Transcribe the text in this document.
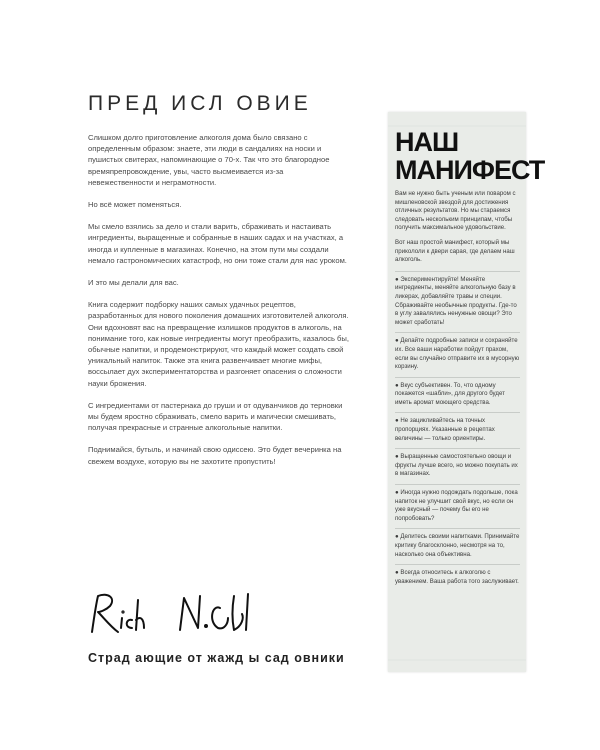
ПРЕД ИСЛ ОВИЕ

Слишком долго приготовление алкоголя дома было связано с определенным образом: знаете, эти люди в сандалиях на носки и пушистых свитерах, напоминающие о 70-х. Так что это благородное времяпрепровождение, увы, часто высмеивается из-за невежественности и неграмотности.

Но всё может поменяться.

Мы смело взялись за дело и стали варить, сбраживать и настаивать ингредиенты, выращенные и собранные в наших садах и на участках, а иногда и купленные в магазинах. Конечно, на этом пути мы создали немало гастрономических катастроф, но они тоже стали для нас уроком.

И это мы делали для вас.

Книга содержит подборку наших самых удачных рецептов, разработанных для нового поколения домашних изготовителей алкоголя. Они вдохновят вас на превращение излишков продуктов в алкоголь, на понимание того, как новые ингредиенты могут преобразить, казалось бы, обычные напитки, и продемонстрируют, что каждый может создать свой уникальный напиток. Также эта книга развенчивает многие мифы, воссылает дух экспериментаторства и разгоняет опасения о сложности науки брожения.

С ингредиентами от пастернака до груши и от одуванчиков до терновки мы будем яростно сбраживать, смело варить и магически смешивать, получая прекрасные и странные алкогольные напитки.

Поднимайся, бутыль, и начинай свою одиссею. Это будет вечеринка на свежем воздухе, которую вы не захотите пропустить!

Страд ающие от жажд ы сад овники
НАШ
МАНИФЕСТ
Вам не нужно быть ученым или поваром с мишленовской звездой для достижения отличных результатов. Но мы стараемся следовать нескольким принципам, чтобы получить максимальное удовольствие.
Вот наш простой манифест, который мы прикололи к двери сарая, где делаем наш алкоголь.
● Экспериментируйте! Меняйте ингредиенты, меняйте алкогольную базу в ликерах, добавляйте травы и специи. Сбраживайте необычные продукты. Где-то в углу завалялись ненужные овощи? Это может сработать!
● Делайте подробные записи и сохраняйте их. Все ваши наработки пойдут прахом, если вы случайно отправите их в мусорную корзину.
● Вкус субъективен. То, что одному покажется «шабли», для другого будет иметь аромат моющего средства.
● Не зацикливайтесь на точных пропорциях. Указанные в рецептах величины — только ориентиры.
● Выращенные самостоятельно овощи и фрукты лучше всего, но можно покупать их в магазинах.
● Иногда нужно подождать подольше, пока напиток не улучшит свой вкус, но если он уже вкусный — почему бы его не попробовать?
● Делитесь своими напитками. Принимайте критику благосклонно, несмотря на то, насколько она объективна.
● Всегда относитесь к алкоголю с уважением. Ваша работа того заслуживает.
